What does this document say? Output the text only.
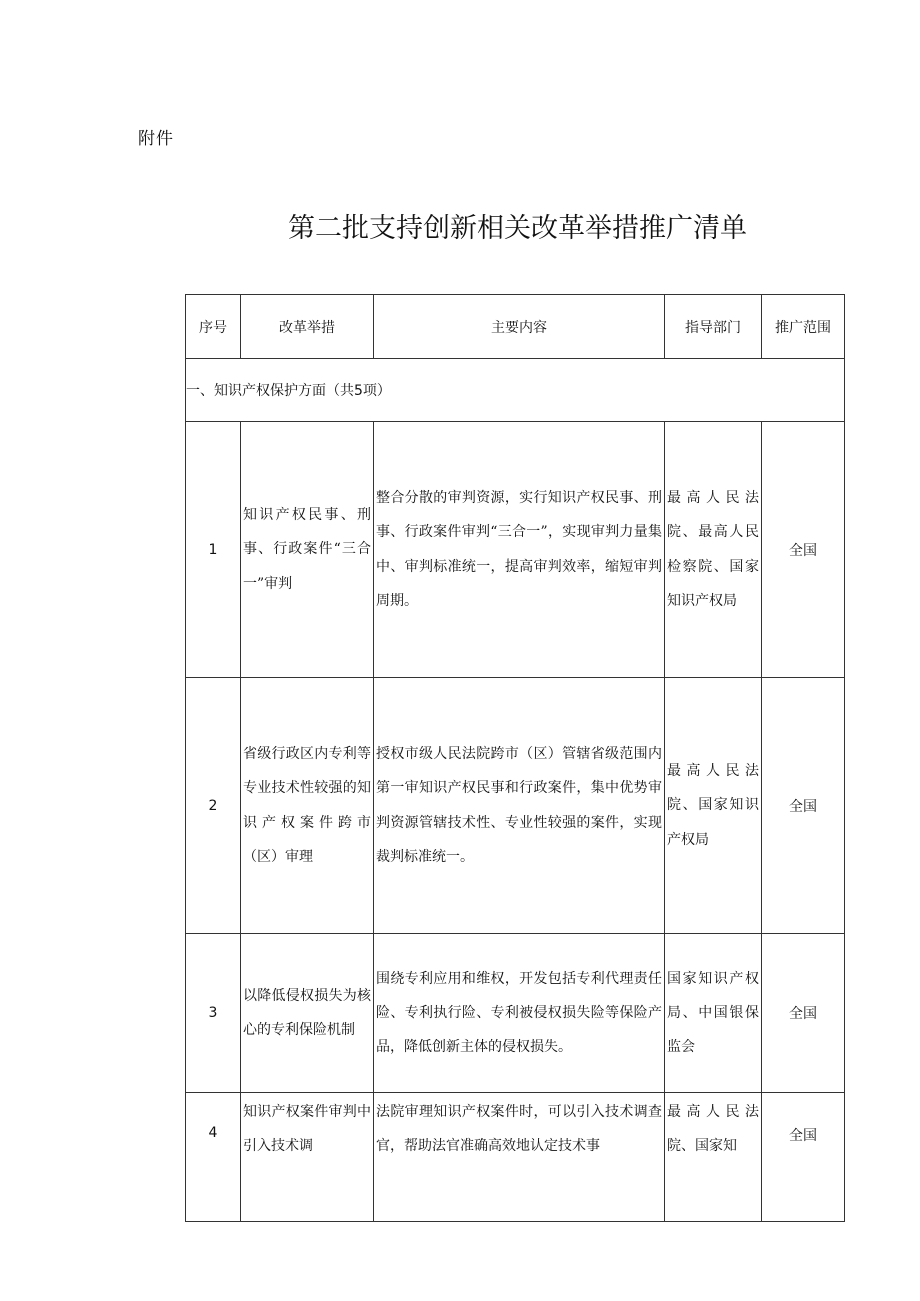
附件
第二批支持创新相关改革举措推广清单
序号	改革举措	主要内容	指导部门	推广范围
一、知识产权保护方面（共5项）				
1	知识产权民事、刑事、行政案件“三合一”审判	整合分散的审判资源，实行知识产权民事、刑事、行政案件审判“三合一”，实现审判力量集中、审判标准统一，提高审判效率，缩短审判周期。	最高人民法院、最高人民检察院、国家知识产权局	全国
2	省级行政区内专利等专业技术性较强的知识产权案件跨市（区）审理	授权市级人民法院跨市（区）管辖省级范围内第一审知识产权民事和行政案件，集中优势审判资源管辖技术性、专业性较强的案件，实现裁判标准统一。	最高人民法院、国家知识产权局	全国
3	以降低侵权损失为核心的专利保险机制	围绕专利应用和维权，开发包括专利代理责任险、专利执行险、专利被侵权损失险等保险产品，降低创新主体的侵权损失。	国家知识产权局、中国银保监会	全国
4	知识产权案件审判中引入技术调	法院审理知识产权案件时，可以引入技术调查官，帮助法官准确高效地认定技术事	最高人民法院、国家知	全国
